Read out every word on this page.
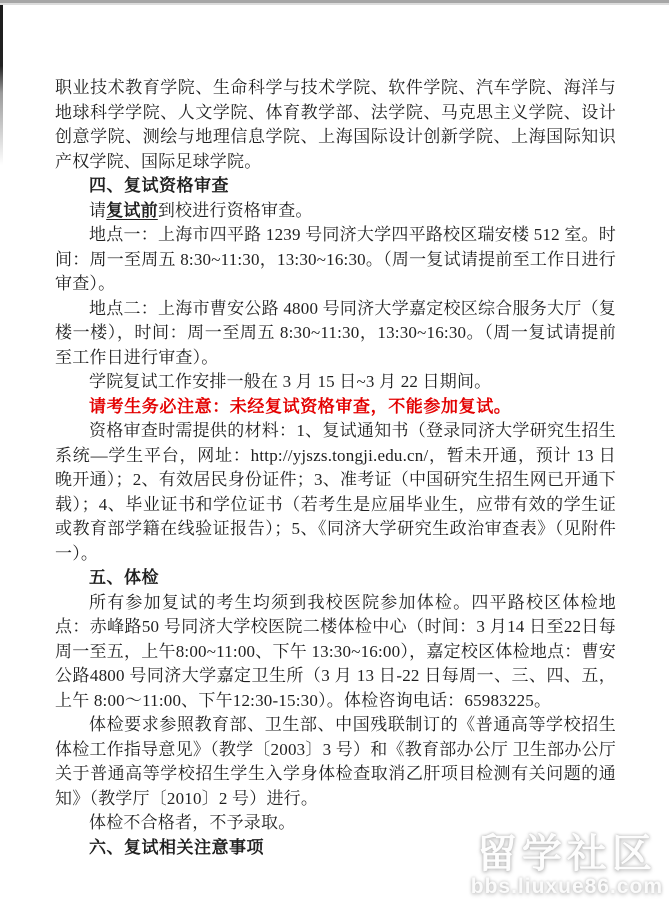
职业技术教育学院、生命科学与技术学院、软件学院、汽车学院、海洋与地球科学学院、人文学院、体育教学部、法学院、马克思主义学院、设计创意学院、测绘与地理信息学院、上海国际设计创新学院、上海国际知识产权学院、国际足球学院。

四、复试资格审查

请复试前到校进行资格审查。

地点一：上海市四平路 1239 号同济大学四平路校区瑞安楼 512 室。时间：周一至周五 8:30~11:30，13:30~16:30。（周一复试请提前至工作日进行审查）。

地点二：上海市曹安公路 4800 号同济大学嘉定校区综合服务大厅（复楼一楼），时间：周一至周五 8:30~11:30，13:30~16:30。（周一复试请提前至工作日进行审查）。

学院复试工作安排一般在 3 月 15 日~3 月 22 日期间。

请考生务必注意：未经复试资格审查，不能参加复试。

资格审查时需提供的材料：1、复试通知书（登录同济大学研究生招生系统—学生平台，网址：http://yjszs.tongji.edu.cn/，暂未开通，预计 13 日晚开通）；2、有效居民身份证件；3、准考证（中国研究生招生网已开通下载）；4、毕业证书和学位证书（若考生是应届毕业生，应带有效的学生证或教育部学籍在线验证报告）；5、《同济大学研究生政治审查表》（见附件一）。

五、体检

所有参加复试的考生均须到我校医院参加体检。四平路校区体检地点：赤峰路50 号同济大学校医院二楼体检中心（时间：3 月14 日至22日每周一至五，上午8:00~11:00、下午 13:30~16:00），嘉定校区体检地点：曹安公路4800 号同济大学嘉定卫生所（3 月 13 日-22 日每周一、三、四、五，上午 8:00～11:00、下午12:30-15:30）。体检咨询电话：65983225。

体检要求参照教育部、卫生部、中国残联制订的《普通高等学校招生体检工作指导意见》（教学〔2003〕3 号）和《教育部办公厅 卫生部办公厅关于普通高等学校招生学生入学身体检查取消乙肝项目检测有关问题的通知》（教学厅〔2010〕2 号）进行。

体检不合格者，不予录取。

六、复试相关注意事项	留学社区
bbs.liuxue86.com
